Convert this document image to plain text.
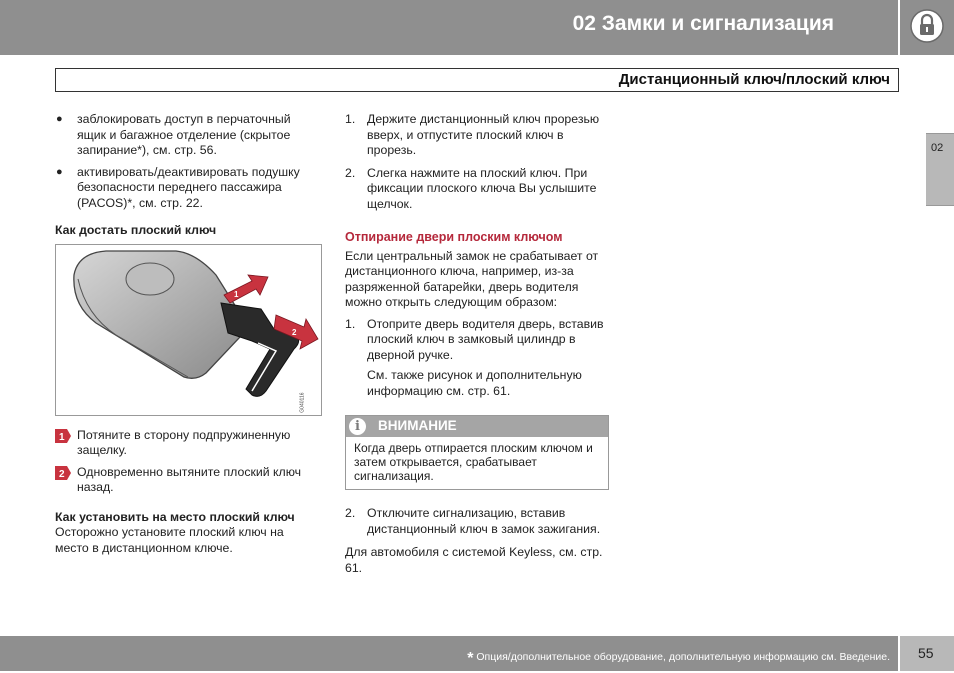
02 Замки и сигнализация
Дистанционный ключ/плоский ключ
02
● заблокировать доступ в перчаточный ящик и багажное отделение (скрытое запирание*), см. стр. 56.
● активировать/деактивировать подушку безопасности переднего пассажира (PACOS)*, см. стр. 22.
Как достать плоский ключ
1
2
G040116
1 Потяните в сторону подпружиненную защелку.
2 Одновременно вытяните плоский ключ назад.
Как установить на место плоский ключ
Осторожно установите плоский ключ на место в дистанционном ключе.
1. Держите дистанционный ключ прорезью вверх, и отпустите плоский ключ в прорезь.
2. Слегка нажмите на плоский ключ. При фиксации плоского ключа Вы услышите щелчок.
Отпирание двери плоским ключом
Если центральный замок не срабатывает от дистанционного ключа, например, из-за разряженной батарейки, дверь водителя можно открыть следующим образом:
1. Отоприте дверь водителя дверь, вставив плоский ключ в замковый цилиндр в дверной ручке.
См. также рисунок и дополнительную информацию см. стр. 61.
i	ВНИМАНИЕ
Когда дверь отпирается плоским ключом и затем открывается, срабатывает сигнализация.
2. Отключите сигнализацию, вставив дистанционный ключ в замок зажигания.
Для автомобиля с системой Keyless, см. стр. 61.
* Опция/дополнительное оборудование, дополнительную информацию см. Введение. 55
